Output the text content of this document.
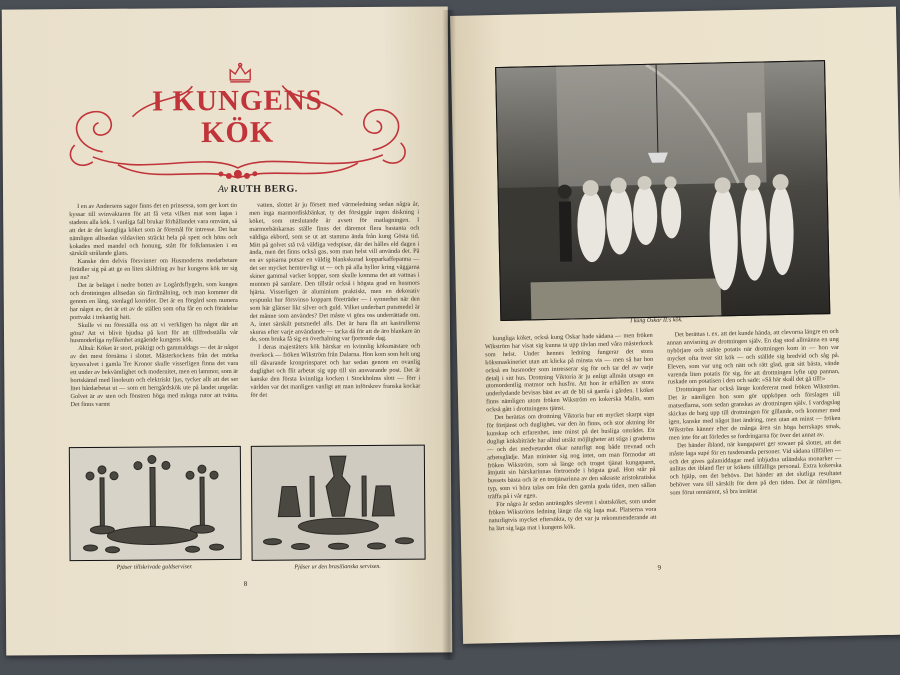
I KUNGENS
KÖK
Av RUTH BERG.

I en av Andersens sagor finns det en prinsessa, som ger kort tio kyssar till svinvaktaren för att få veta vilken mat som lagas i stadens alla kök. I vanliga fall brukar förhållandet vara omvänt, så att det är det kungliga köket som är föremål för intresse. Det har nämligen alltsedan vildaviten sträckt hela på spett och höns och kokades med mandel och honung, stått för folkfantasien i en särskilt strålande glans.

Kanske den delvis försvinner om Husmoderns medarbetare förädler sig på att ge en liten skildring av hur kungens kök ter sig just nu?

Det är beläget i nedre botten av Logårdsflygeln, som kungen och drottningen alltsedan sin färdmålning, och man kommer dit genom en lång, stenlagd korridor. Det är en förgård som numera har något av, det är ett av de ställen som ofta får en och förädelse portvakt i trekantig hatt.

Skulle vi nu föreställa oss att vi verkligen ha något där att göra? Att vi blivit bjudna på kort för att tillfredsställa vår husmoderliga nyfikenhet angående kungens kök.

Alltså: Köket är stort, präktigt och gammaldags — det är något av det mest förnäma i slottet. Mästerkockens från det mörka kryssvalvet i gamla Tre Kronor skulle visserligen finna det vara ett under av bekvämlighet och modernitet, men en lammor, som är bortskämd med linoleum och elektriskt ljus, tycker allt att det ser litet hårdarbetat ut — som ett herrgårdskök ute på landet ungefär. Golvet är av sten och fönstren höga med många rutor att tvätta. Det finns varmt

vatten, slottet är ju försett med värmeledning sedan några år, men inga marmordiskbänkar, ty det försiggår ingen diskning i köket, som uteslutande är avsett för matlagningen. I marmorbänkarnas ställe finns det däremot flera bastanta och väldiga ekbord, som se ut att stamma ända från kung Gösta tid. Mitt på golvet stå två väldiga vedspisar, där det hålles eld dagen i ända, men det finns också gas, som man helst vill använda det. På en av spisarna putsar en väldig blankskurad kopparkaffepanna — det ser mycket hemtrevligt ut — och på alla hyllor kring väggarna skiner gammal vacker koppar, som skulle komma det att vattnas i munnen på samlare. Den tillstår också i högsta grad en husmors hjärta. Visserligen är aluminium praktiskt, men en dekorativ syspunkt hur försvinso kopparn företräder — i synnerhet när den som här glänser likt silver och guld. Vilket underbart putsmedel är det månne som användes? Det måste vi göra oss underrättade om. A, intet särskilt putsmedel alls. Det är bara flit att kastrullerna skuras efter varje användande — tacka då för att de äro blankare än de, som bruka få sig en överhalning var fjortonde dag.

I deras majestäters kök härskar en kvinnlig köksmästare och överkock — fröken Wikström från Dalarna. Hon kom som helt ung till dåvarande kronprinsparet och har sedan genom en ovanlig duglighet och flit arbetat sig upp till sin ansvarande post. Det är kanske den första kvinnliga kocken i Stockholms slott — förr i världen var det manligen vanligt att man införskrev franska kockar för det

Pjäser tillskrivade guldserviser.	Pjäser ur den brasilianska servisen.
8
I kung Oskar II:s kök.

kungliga köket, också kung Oskar hade sådana — men fröken Wikström har visat sig kunna ta upp tävlan med våra mästerkock som helst. Under hennes ledning fungerar det stora köksmaskineriet utan att klicka på minsta vis — men så har hon också en husmoder som intresserar sig för och tar del av varje detalj i sitt hus. Drottning Viktoria är ju enligt allmän utsago en utomordentlig matmor och husfru. Att hon är erhållen av stora underlydande bevisas bäst av att de bli så gamla i gården. I köket finns nämligen utom fröken Wikström en kokerska Malin, som också gått i drottningens tjänst.

Det berättas om drottning Viktoria hur ett mycket skarpt sign för förtjänst och duglighet, var den än finns, och stor aktning för kunskap och erfarenhet, inte minst på det husliga området. Ett dugligt köksbiträde har alltid utsikt möjligheter att stiga i graderna — och det medvetandet ökar naturligt nog både trevnad och arbetsglädje. Man minister sig nog intet, om man förmodar att fröken Wikström, som så länge och troget tjänat kungaparet, åtnjutit sin härskarinnas förtroende i högsta grad. Hon står på bussets bästa och är en trotjänarinna av den säkraste aristokratiska typ, som vi höra talas om från den gamla goda tiden, men sällan träffa på i vår egen.

För några år sedan anträngdes slevent i slottsköket, som under fröken Wikströms ledning länge råa sig laga mat. Platserna vora naturligtvis mycket eftersökta, ty det var ju rekommenderande att ha lärt sig laga mat i kungens kök.

Det berättas t. ex. att det kunde hända, att clevorna längre en och annan anvisning av drottningen själv. En dag stod allmänna en ung nybörjare och stekte potatis när drottningen kom in — hon var mycket ofta över sitt kök — och ställde sig bredvid och såg på. Eleven, som var ung och nätt och rätt glad, grät sitt bästa, vände varenda liten potatis för sig, för att drottningen lyfte upp pannan, ruskade om potatisen i den och sade: »Så här skall det gå till!»

Drottningen har också länge konfererat med fröken Wikström. Det är nämligen hon som gör uppköpen och förslagen till matsedlarna, som sedan granskas av drottningen själv. I vardagslag skickas de barg upp till drottningen för gillande, och kommer med igen, kanske med något litet ändring, men utan att minst — fröken Wikström känner efter de många åren sin höga herrskaps smak, men inte för att förledes se fordringarna för över det annat av.

Det händer ibland, när kungaparet ger sowaer på slottet, att det måste laga supé för en tusdenanda personer. Vid sådana tillfällen — och det gives galamiddagar med inbjudna utländska monarker — anlitas det ibland fler ur kökets tillfälliga personal. Extra kokerska och hjälp, om det behövs. Det händer att det slutliga resultatet behöver vara till särskilt för dem på den tiden. Det är nämligen, som förut omnämnt, så bra inrättat

9
